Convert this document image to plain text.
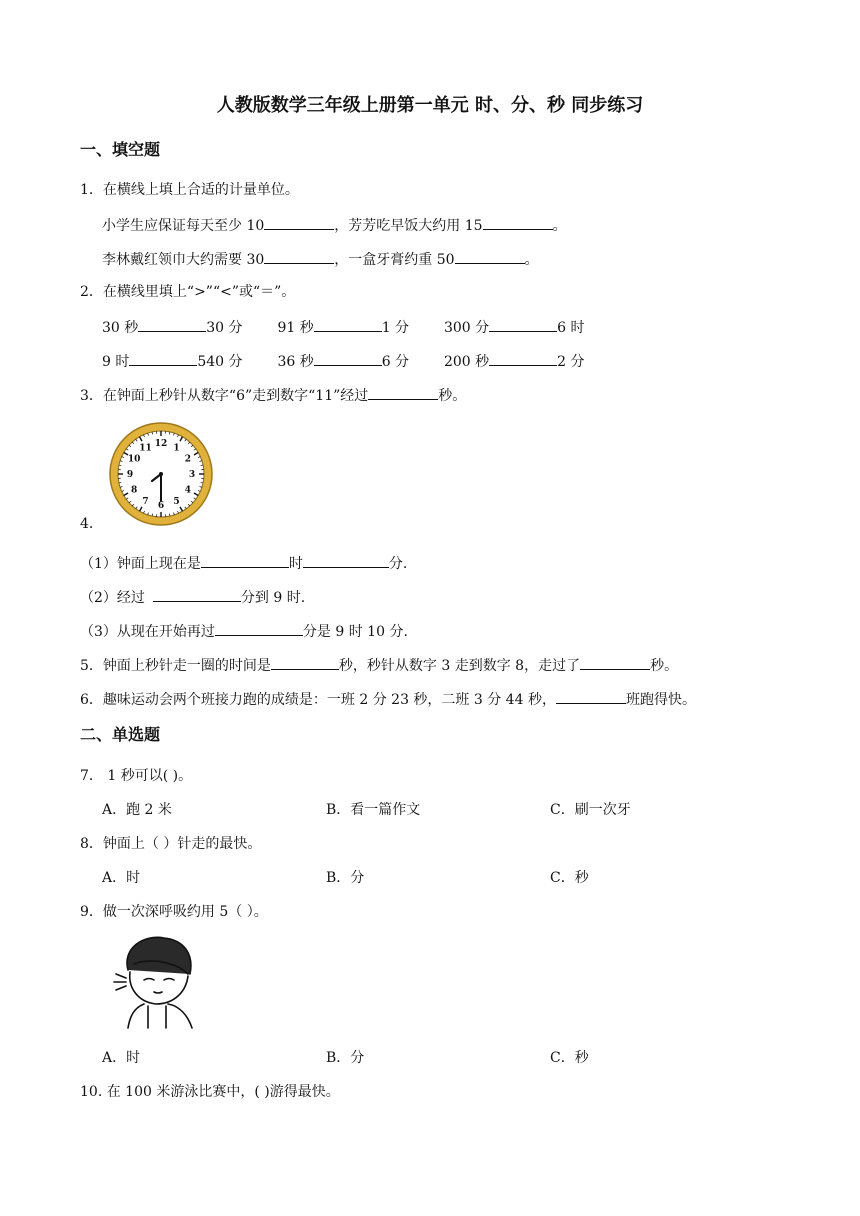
人教版数学三年级上册第一单元 时、分、秒 同步练习
一、填空题
1．在横线上填上合适的计量单位。
小学生应保证每天至少 10	，芳芳吃早饭大约用 15	。
李林戴红领巾大约需要 30	，一盒牙膏约重 50	。
2．在横线里填上“>”“<”或“＝”。
30 秒	30 分 91 秒	1 分 300 分	6 时
9 时	540 分 36 秒	6 分 200 秒	2 分
3．在钟面上秒针从数字“6”走到数字“11”经过	秒。
12 1
2
3
4
5
6
7
8
9
10
11
4．
（1）钟面上现在是	时	分.
（2）经过	分到 9 时.
（3）从现在开始再过	分是 9 时 10 分.
5．钟面上秒针走一圈的时间是	秒，秒针从数字 3 走到数字 8，走过了	秒。
6．趣味运动会两个班接力跑的成绩是：一班 2 分 23 秒，二班 3 分 44 秒，	班跑得快。
二、单选题
7． 1 秒可以( )。
A．跑 2 米	B．看一篇作文	C．刷一次牙
8．钟面上（ ）针走的最快。
A．时	B．分	C．秒
9．做一次深呼吸约用 5（ ）。
A．时	B．分	C．秒
10. 在 100 米游泳比赛中，( )游得最快。
